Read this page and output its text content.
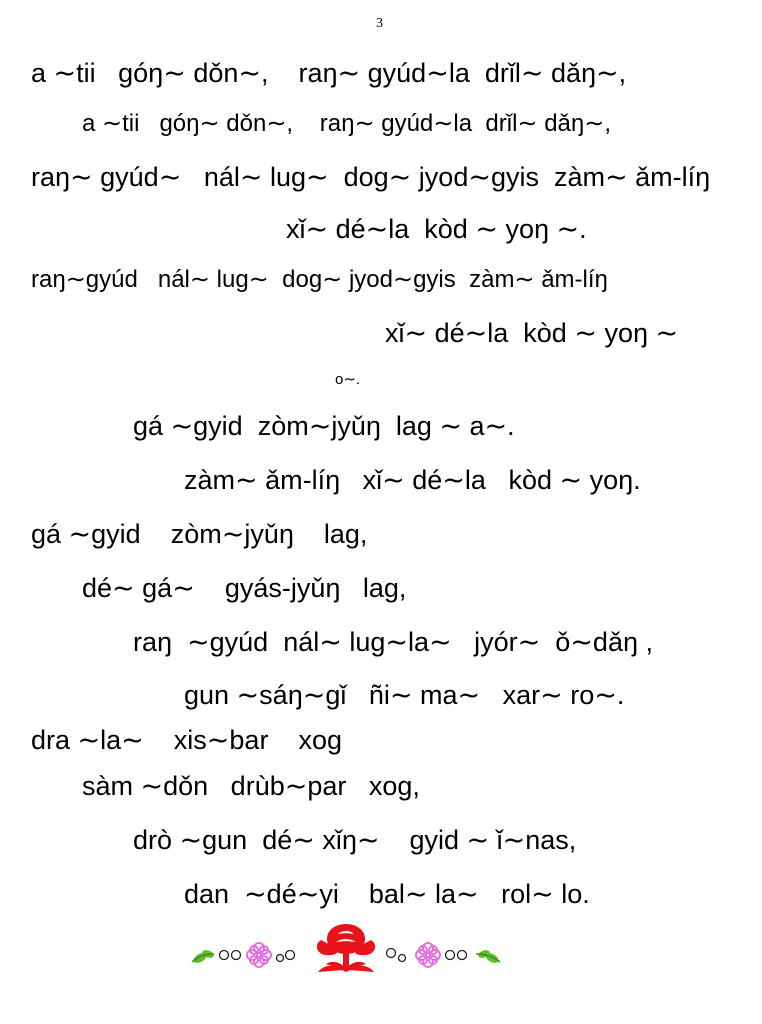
3
a ∼tii   góŋ∼ dǒn∼,    raŋ∼ gyúd∼la  drǐl∼ dǎŋ∼,
a ∼tii   góŋ∼ dǒn∼,    raŋ∼ gyúd∼la  drǐl∼ dǎŋ∼,
raŋ∼ gyúd∼   nál∼ lug∼  dog∼ jyod∼gyis  zàm∼ ǎm-líŋ
xǐ∼ dé∼la  kòd ∼ yoŋ ∼.
raŋ∼gyúd   nál∼ lug∼  dog∼ jyod∼gyis  zàm∼ ǎm-líŋ
xǐ∼ dé∼la  kòd ∼ yoŋ ∼
o∼.
gá ∼gyid  zòm∼jyǔŋ  lag ∼ a∼.
zàm∼ ǎm-líŋ   xǐ∼ dé∼la   kòd ∼ yoŋ.
gá ∼gyid    zòm∼jyǔŋ    lag,
dé∼ gá∼    gyás-jyǔŋ   lag,
raŋ  ∼gyúd  nál∼ lug∼la∼   jyór∼  ǒ∼dǎŋ ,
gun ∼sáŋ∼gǐ   ñi∼ ma∼   xar∼ ro∼.
dra ∼la∼    xis∼bar    xog
sàm ∼dǒn   drùb∼par   xog,
drò ∼gun  dé∼ xǐŋ∼    gyid ∼ ǐ∼nas,
dan  ∼dé∼yi    bal∼ la∼   rol∼ lo.
